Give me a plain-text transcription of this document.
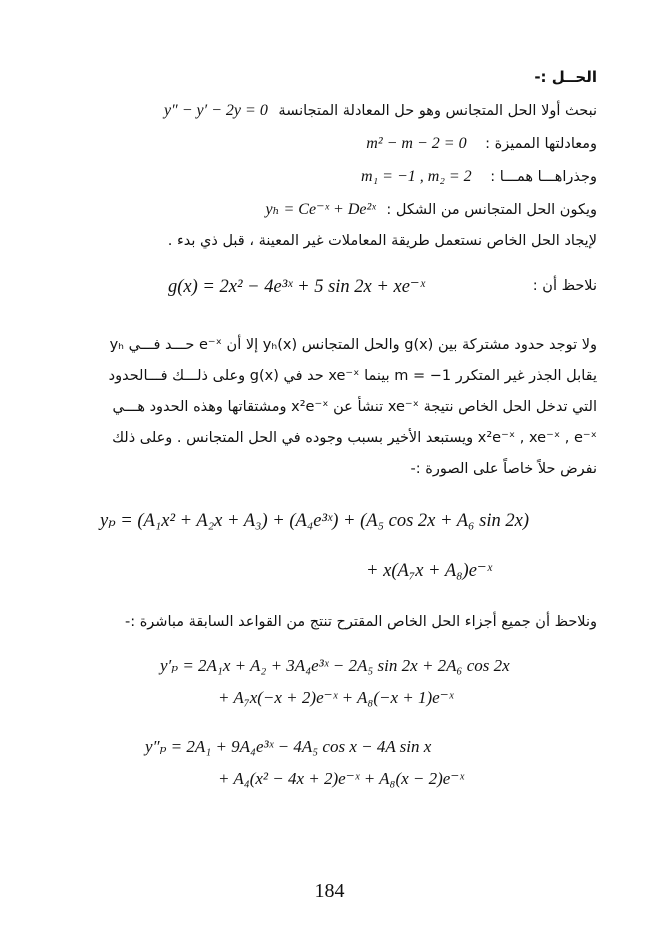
الحــل :-
نبحث أولا الحل المتجانس وهو حل المعادلة المتجانسة y″ − y′ − 2y = 0
ومعادلتها المميزة : m² − m − 2 = 0
وجذراهـــا همـــا : m₁ = −1 , m₂ = 2
ويكون الحل المتجانس من الشكل : yₕ = Ce⁻ˣ + De²ˣ
لإيجاد الحل الخاص نستعمل طريقة المعاملات غير المعينة ، قبل ذي بدء .
نلاحظ أن :
g(x) = 2x² − 4e³ˣ + 5 sin 2x + xe⁻ˣ
ولا توجد حدود مشتركة بين g(x) والحل المتجانس yₕ(x) إلا أن e⁻ˣ حـــد فـــي yₕ
يقابل الجذر غير المتكرر m = −1 بينما xe⁻ˣ حد في g(x) وعلى ذلـــك فـــالحدود
التي تدخل الحل الخاص نتيجة xe⁻ˣ تنشأ عن x²e⁻ˣ ومشتقاتها وهذه الحدود هـــي
x²e⁻ˣ , xe⁻ˣ , e⁻ˣ ويستبعد الأخير بسبب وجوده في الحل المتجانس . وعلى ذلك
نفرض حلاً خاصاً على الصورة :-
yₚ = (A₁x² + A₂x + A₃) + (A₄e³ˣ) + (A₅ cos 2x + A₆ sin 2x)
+ x(A₇x + A₈)e⁻ˣ
ونلاحظ أن جميع أجزاء الحل الخاص المقترح تنتج من القواعد السابقة مباشرة :-
y′ₚ = 2A₁x + A₂ + 3A₄e³ˣ − 2A₅ sin 2x + 2A₆ cos 2x
+ A₇x(−x + 2)e⁻ˣ + A₈(−x + 1)e⁻ˣ
y″ₚ = 2A₁ + 9A₄e³ˣ − 4A₅ cos x − 4A sin x
+ A₄(x² − 4x + 2)e⁻ˣ + A₈(x − 2)e⁻ˣ
184
